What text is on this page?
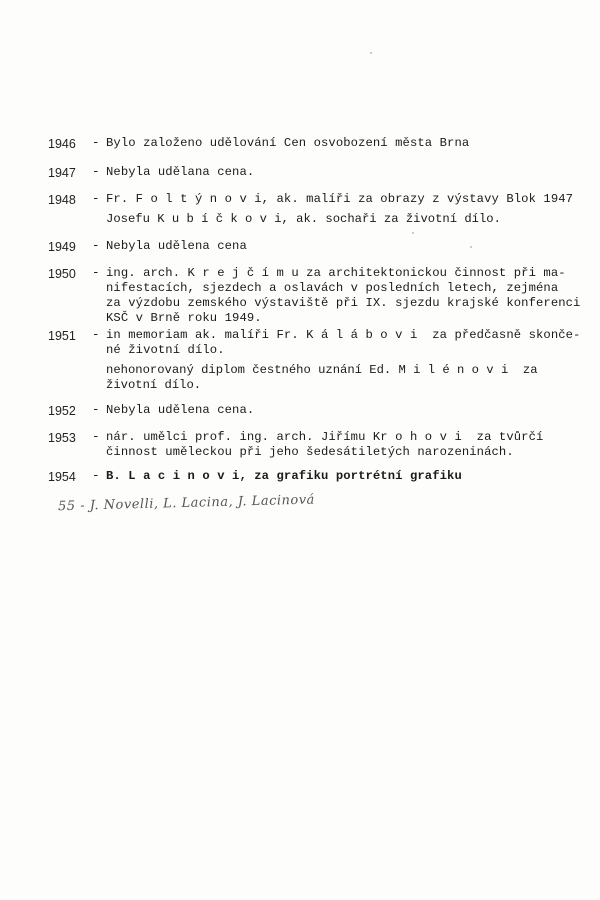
1946	- Bylo založeno udělování Cen osvobození města Brna
1947	- Nebyla udělana cena.
1948	- Fr. F o l t ý n o v i, ak. malíři za obrazy z výstavy Blok 1947
Josefu K u b í č k o v i, ak. sochaři za životní dílo.
1949	- Nebyla udělena cena
1950	- ing. arch. K r e j č í m u za architektonickou činnost při ma-
nifestacích, sjezdech a oslavách v posledních letech, zejména
za výzdobu zemského výstaviště při IX. sjezdu krajské konferenci
KSČ v Brně roku 1949.
1951	- in memoriam ak. malíři Fr. K á l á b o v i  za předčasně skonče-
né životní dílo.
nehonorovaný diplom čestného uznání Ed. M i l é n o v i  za
životní dílo.
1952	- Nebyla udělena cena.
1953	- nár. umělci prof. ing. arch. Jiřímu Kr o h o v i  za tvůrčí
činnost uměleckou při jeho šedesátiletých narozeninách.
1954	- B. L a c i n o v i, za grafiku portrétní grafiku
55 - J. Novelli, L. Lacina, J. Lacinová
